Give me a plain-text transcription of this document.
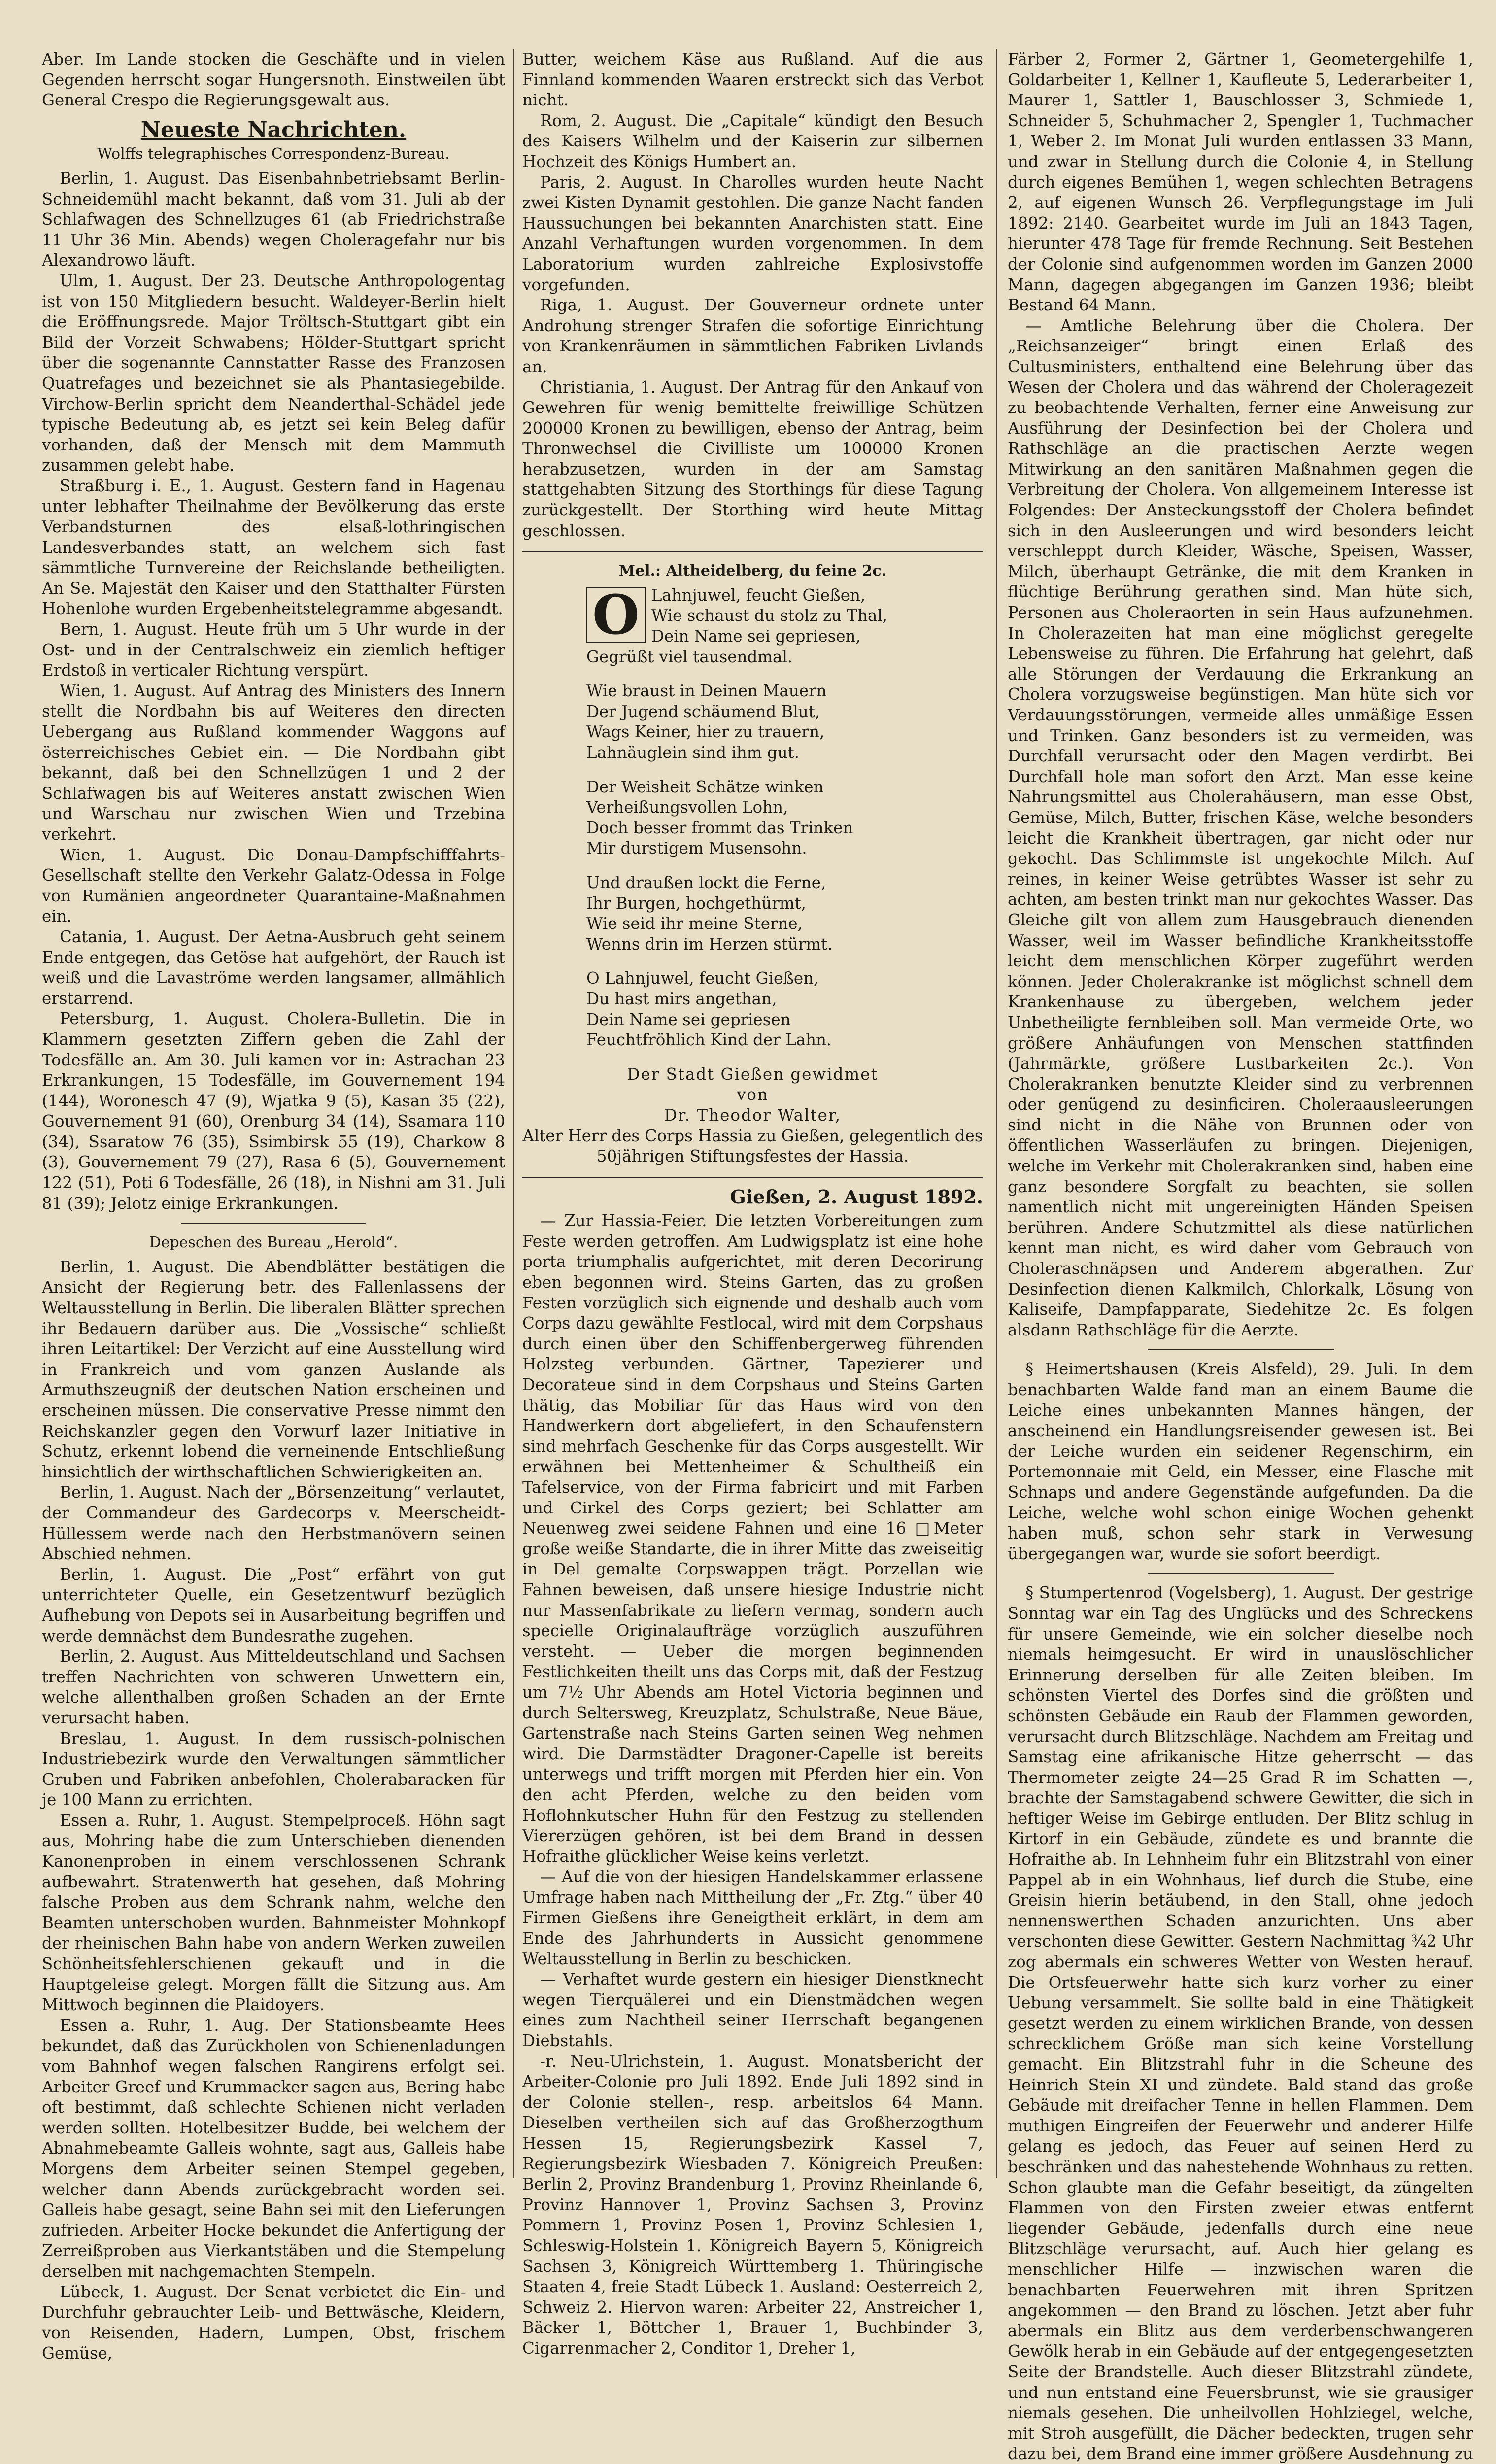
Aber. Im Lande stocken die Geschäfte und in vielen Gegenden herrscht sogar Hungersnoth. Einstweilen übt General Crespo die Regierungsgewalt aus.

Neueste Nachrichten.
Wolffs telegraphisches Correspondenz-Bureau.

Berlin, 1. August. Das Eisenbahnbetriebsamt Berlin-Schneidemühl macht bekannt, daß vom 31. Juli ab der Schlafwagen des Schnellzuges 61 (ab Friedrichstraße 11 Uhr 36 Min. Abends) wegen Choleragefahr nur bis Alexandrowo läuft.

Ulm, 1. August. Der 23. Deutsche Anthropologentag ist von 150 Mitgliedern besucht. Waldeyer-Berlin hielt die Eröffnungsrede. Major Tröltsch-Stuttgart gibt ein Bild der Vorzeit Schwabens; Hölder-Stuttgart spricht über die sogenannte Cannstatter Rasse des Franzosen Quatrefages und bezeichnet sie als Phantasiegebilde. Virchow-Berlin spricht dem Neanderthal-Schädel jede typische Bedeutung ab, es jetzt sei kein Beleg dafür vorhanden, daß der Mensch mit dem Mammuth zusammen gelebt habe.

Straßburg i. E., 1. August. Gestern fand in Hagenau unter lebhafter Theilnahme der Bevölkerung das erste Verbandsturnen des elsaß-lothringischen Landesverbandes statt, an welchem sich fast sämmtliche Turnvereine der Reichslande betheiligten. An Se. Majestät den Kaiser und den Statthalter Fürsten Hohenlohe wurden Ergebenheitstelegramme abgesandt.

Bern, 1. August. Heute früh um 5 Uhr wurde in der Ost- und in der Centralschweiz ein ziemlich heftiger Erdstoß in verticaler Richtung verspürt.

Wien, 1. August. Auf Antrag des Ministers des Innern stellt die Nordbahn bis auf Weiteres den directen Uebergang aus Rußland kommender Waggons auf österreichisches Gebiet ein. — Die Nordbahn gibt bekannt, daß bei den Schnellzügen 1 und 2 der Schlafwagen bis auf Weiteres anstatt zwischen Wien und Warschau nur zwischen Wien und Trzebina verkehrt.

Wien, 1. August. Die Donau-Dampfschifffahrts-Gesellschaft stellte den Verkehr Galatz-Odessa in Folge von Rumänien angeordneter Quarantaine-Maßnahmen ein.

Catania, 1. August. Der Aetna-Ausbruch geht seinem Ende entgegen, das Getöse hat aufgehört, der Rauch ist weiß und die Lavaströme werden langsamer, allmählich erstarrend.

Petersburg, 1. August. Cholera-Bulletin. Die in Klammern gesetzten Ziffern geben die Zahl der Todesfälle an. Am 30. Juli kamen vor in: Astrachan 23 Erkrankungen, 15 Todesfälle, im Gouvernement 194 (144), Woronesch 47 (9), Wjatka 9 (5), Kasan 35 (22), Gouvernement 91 (60), Orenburg 34 (14), Ssamara 110 (34), Ssaratow 76 (35), Ssimbirsk 55 (19), Charkow 8 (3), Gouvernement 79 (27), Rasa 6 (5), Gouvernement 122 (51), Poti 6 Todesfälle, 26 (18), in Nishni am 31. Juli 81 (39); Jelotz einige Erkrankungen.

Depeschen des Bureau „Herold“.

Berlin, 1. August. Die Abendblätter bestätigen die Ansicht der Regierung betr. des Fallenlassens der Weltausstellung in Berlin. Die liberalen Blätter sprechen ihr Bedauern darüber aus. Die „Vossische“ schließt ihren Leitartikel: Der Verzicht auf eine Ausstellung wird in Frankreich und vom ganzen Auslande als Armuthszeugniß der deutschen Nation erscheinen und erscheinen müssen. Die conservative Presse nimmt den Reichskanzler gegen den Vorwurf lazer Initiative in Schutz, erkennt lobend die verneinende Entschließung hinsichtlich der wirthschaftlichen Schwierigkeiten an.

Berlin, 1. August. Nach der „Börsenzeitung“ verlautet, der Commandeur des Gardecorps v. Meerscheidt-Hüllessem werde nach den Herbstmanövern seinen Abschied nehmen.

Berlin, 1. August. Die „Post“ erfährt von gut unterrichteter Quelle, ein Gesetzentwurf bezüglich Aufhebung von Depots sei in Ausarbeitung begriffen und werde demnächst dem Bundesrathe zugehen.

Berlin, 2. August. Aus Mitteldeutschland und Sachsen treffen Nachrichten von schweren Unwettern ein, welche allenthalben großen Schaden an der Ernte verursacht haben.

Breslau, 1. August. In dem russisch-polnischen Industriebezirk wurde den Verwaltungen sämmtlicher Gruben und Fabriken anbefohlen, Cholerabaracken für je 100 Mann zu errichten.

Essen a. Ruhr, 1. August. Stempelproceß. Höhn sagt aus, Mohring habe die zum Unterschieben dienenden Kanonenproben in einem verschlossenen Schrank aufbewahrt. Stratenwerth hat gesehen, daß Mohring falsche Proben aus dem Schrank nahm, welche den Beamten unterschoben wurden. Bahnmeister Mohnkopf der rheinischen Bahn habe von andern Werken zuweilen Schönheitsfehlerschienen gekauft und in die Hauptgeleise gelegt. Morgen fällt die Sitzung aus. Am Mittwoch beginnen die Plaidoyers.

Essen a. Ruhr, 1. Aug. Der Stationsbeamte Hees bekundet, daß das Zurückholen von Schienenladungen vom Bahnhof wegen falschen Rangirens erfolgt sei. Arbeiter Greef und Krummacker sagen aus, Bering habe oft bestimmt, daß schlechte Schienen nicht verladen werden sollten. Hotelbesitzer Budde, bei welchem der Abnahmebeamte Galleis wohnte, sagt aus, Galleis habe Morgens dem Arbeiter seinen Stempel gegeben, welcher dann Abends zurückgebracht worden sei. Galleis habe gesagt, seine Bahn sei mit den Lieferungen zufrieden. Arbeiter Hocke bekundet die Anfertigung der Zerreißproben aus Vierkantstäben und die Stempelung derselben mit nachgemachten Stempeln.

Lübeck, 1. August. Der Senat verbietet die Ein- und Durchfuhr gebrauchter Leib- und Bettwäsche, Kleidern, von Reisenden, Hadern, Lumpen, Obst, frischem Gemüse,

Butter, weichem Käse aus Rußland. Auf die aus Finnland kommenden Waaren erstreckt sich das Verbot nicht.

Rom, 2. August. Die „Capitale“ kündigt den Besuch des Kaisers Wilhelm und der Kaiserin zur silbernen Hochzeit des Königs Humbert an.

Paris, 2. August. In Charolles wurden heute Nacht zwei Kisten Dynamit gestohlen. Die ganze Nacht fanden Haussuchungen bei bekannten Anarchisten statt. Eine Anzahl Verhaftungen wurden vorgenommen. In dem Laboratorium wurden zahlreiche Explosivstoffe vorgefunden.

Riga, 1. August. Der Gouverneur ordnete unter Androhung strenger Strafen die sofortige Einrichtung von Krankenräumen in sämmtlichen Fabriken Livlands an.

Christiania, 1. August. Der Antrag für den Ankauf von Gewehren für wenig bemittelte freiwillige Schützen 200000 Kronen zu bewilligen, ebenso der Antrag, beim Thronwechsel die Civilliste um 100000 Kronen herabzusetzen, wurden in der am Samstag stattgehabten Sitzung des Storthings für diese Tagung zurückgestellt. Der Storthing wird heute Mittag geschlossen.

Mel.: Altheidelberg, du feine 2c.
O Lahnjuwel, feucht Gießen,

Wie schaust du stolz zu Thal,

Dein Name sei gepriesen,

Gegrüßt viel tausendmal.

Wie braust in Deinen Mauern

Der Jugend schäumend Blut,

Wags Keiner, hier zu trauern,

Lahnäuglein sind ihm gut.

Der Weisheit Schätze winken

Verheißungsvollen Lohn,

Doch besser frommt das Trinken

Mir durstigem Musensohn.

Und draußen lockt die Ferne,

Ihr Burgen, hochgethürmt,

Wie seid ihr meine Sterne,

Wenns drin im Herzen stürmt.

O Lahnjuwel, feucht Gießen,

Du hast mirs angethan,

Dein Name sei gepriesen

Feuchtfröhlich Kind der Lahn.

Der Stadt Gießen gewidmet

von

Dr. Theodor Walter,

Alter Herr des Corps Hassia zu Gießen, gelegentlich des 50jährigen Stiftungsfestes der Hassia.

Gießen, 2. August 1892.

— Zur Hassia-Feier. Die letzten Vorbereitungen zum Feste werden getroffen. Am Ludwigsplatz ist eine hohe porta triumphalis aufgerichtet, mit deren Decorirung eben begonnen wird. Steins Garten, das zu großen Festen vorzüglich sich eignende und deshalb auch vom Corps dazu gewählte Festlocal, wird mit dem Corpshaus durch einen über den Schiffenbergerweg führenden Holzsteg verbunden. Gärtner, Tapezierer und Decorateue sind in dem Corpshaus und Steins Garten thätig, das Mobiliar für das Haus wird von den Handwerkern dort abgeliefert, in den Schaufenstern sind mehrfach Geschenke für das Corps ausgestellt. Wir erwähnen bei Mettenheimer & Schultheiß ein Tafelservice, von der Firma fabricirt und mit Farben und Cirkel des Corps geziert; bei Schlatter am Neuenweg zwei seidene Fahnen und eine 16 □Meter große weiße Standarte, die in ihrer Mitte das zweiseitig in Del gemalte Corpswappen trägt. Porzellan wie Fahnen beweisen, daß unsere hiesige Industrie nicht nur Massenfabrikate zu liefern vermag, sondern auch specielle Originalaufträge vorzüglich auszuführen versteht. — Ueber die morgen beginnenden Festlichkeiten theilt uns das Corps mit, daß der Festzug um 7½ Uhr Abends am Hotel Victoria beginnen und durch Seltersweg, Kreuzplatz, Schulstraße, Neue Bäue, Gartenstraße nach Steins Garten seinen Weg nehmen wird. Die Darmstädter Dragoner-Capelle ist bereits unterwegs und trifft morgen mit Pferden hier ein. Von den acht Pferden, welche zu den beiden vom Hoflohnkutscher Huhn für den Festzug zu stellenden Viererzügen gehören, ist bei dem Brand in dessen Hofraithe glücklicher Weise keins verletzt.

— Auf die von der hiesigen Handelskammer erlassene Umfrage haben nach Mittheilung der „Fr. Ztg.“ über 40 Firmen Gießens ihre Geneigtheit erklärt, in dem am Ende des Jahrhunderts in Aussicht genommene Weltausstellung in Berlin zu beschicken.

— Verhaftet wurde gestern ein hiesiger Dienstknecht wegen Tierquälerei und ein Dienstmädchen wegen eines zum Nachtheil seiner Herrschaft begangenen Diebstahls.

-r. Neu-Ulrichstein, 1. August. Monatsbericht der Arbeiter-Colonie pro Juli 1892. Ende Juli 1892 sind in der Colonie stellen-, resp. arbeitslos 64 Mann. Dieselben vertheilen sich auf das Großherzogthum Hessen 15, Regierungsbezirk Kassel 7, Regierungsbezirk Wiesbaden 7. Königreich Preußen: Berlin 2, Provinz Brandenburg 1, Provinz Rheinlande 6, Provinz Hannover 1, Provinz Sachsen 3, Provinz Pommern 1, Provinz Posen 1, Provinz Schlesien 1, Schleswig-Holstein 1. Königreich Bayern 5, Königreich Sachsen 3, Königreich Württemberg 1. Thüringische Staaten 4, freie Stadt Lübeck 1. Ausland: Oesterreich 2, Schweiz 2. Hiervon waren: Arbeiter 22, Anstreicher 1, Bäcker 1, Böttcher 1, Brauer 1, Buchbinder 3, Cigarrenmacher 2, Conditor 1, Dreher 1,

Färber 2, Former 2, Gärtner 1, Geometergehilfe 1, Goldarbeiter 1, Kellner 1, Kaufleute 5, Lederarbeiter 1, Maurer 1, Sattler 1, Bauschlosser 3, Schmiede 1, Schneider 5, Schuhmacher 2, Spengler 1, Tuchmacher 1, Weber 2. Im Monat Juli wurden entlassen 33 Mann, und zwar in Stellung durch die Colonie 4, in Stellung durch eigenes Bemühen 1, wegen schlechten Betragens 2, auf eigenen Wunsch 26. Verpflegungstage im Juli 1892: 2140. Gearbeitet wurde im Juli an 1843 Tagen, hierunter 478 Tage für fremde Rechnung. Seit Bestehen der Colonie sind aufgenommen worden im Ganzen 2000 Mann, dagegen abgegangen im Ganzen 1936; bleibt Bestand 64 Mann.

— Amtliche Belehrung über die Cholera. Der „Reichsanzeiger“ bringt einen Erlaß des Cultusministers, enthaltend eine Belehrung über das Wesen der Cholera und das während der Choleragezeit zu beobachtende Verhalten, ferner eine Anweisung zur Ausführung der Desinfection bei der Cholera und Rathschläge an die practischen Aerzte wegen Mitwirkung an den sanitären Maßnahmen gegen die Verbreitung der Cholera. Von allgemeinem Interesse ist Folgendes: Der Ansteckungsstoff der Cholera befindet sich in den Ausleerungen und wird besonders leicht verschleppt durch Kleider, Wäsche, Speisen, Wasser, Milch, überhaupt Getränke, die mit dem Kranken in flüchtige Berührung gerathen sind. Man hüte sich, Personen aus Choleraorten in sein Haus aufzunehmen. In Cholerazeiten hat man eine möglichst geregelte Lebensweise zu führen. Die Erfahrung hat gelehrt, daß alle Störungen der Verdauung die Erkrankung an Cholera vorzugsweise begünstigen. Man hüte sich vor Verdauungsstörungen, vermeide alles unmäßige Essen und Trinken. Ganz besonders ist zu vermeiden, was Durchfall verursacht oder den Magen verdirbt. Bei Durchfall hole man sofort den Arzt. Man esse keine Nahrungsmittel aus Cholerahäusern, man esse Obst, Gemüse, Milch, Butter, frischen Käse, welche besonders leicht die Krankheit übertragen, gar nicht oder nur gekocht. Das Schlimmste ist ungekochte Milch. Auf reines, in keiner Weise getrübtes Wasser ist sehr zu achten, am besten trinkt man nur gekochtes Wasser. Das Gleiche gilt von allem zum Hausgebrauch dienenden Wasser, weil im Wasser befindliche Krankheitsstoffe leicht dem menschlichen Körper zugeführt werden können. Jeder Cholerakranke ist möglichst schnell dem Krankenhause zu übergeben, welchem jeder Unbetheiligte fernbleiben soll. Man vermeide Orte, wo größere Anhäufungen von Menschen stattfinden (Jahrmärkte, größere Lustbarkeiten 2c.). Von Cholerakranken benutzte Kleider sind zu verbrennen oder genügend zu desinficiren. Choleraausleerungen sind nicht in die Nähe von Brunnen oder von öffentlichen Wasserläufen zu bringen. Diejenigen, welche im Verkehr mit Cholerakranken sind, haben eine ganz besondere Sorgfalt zu beachten, sie sollen namentlich nicht mit ungereinigten Händen Speisen berühren. Andere Schutzmittel als diese natürlichen kennt man nicht, es wird daher vom Gebrauch von Choleraschnäpsen und Anderem abgerathen. Zur Desinfection dienen Kalkmilch, Chlorkalk, Lösung von Kaliseife, Dampfapparate, Siedehitze 2c. Es folgen alsdann Rathschläge für die Aerzte.

§ Heimertshausen (Kreis Alsfeld), 29. Juli. In dem benachbarten Walde fand man an einem Baume die Leiche eines unbekannten Mannes hängen, der anscheinend ein Handlungsreisender gewesen ist. Bei der Leiche wurden ein seidener Regenschirm, ein Portemonnaie mit Geld, ein Messer, eine Flasche mit Schnaps und andere Gegenstände aufgefunden. Da die Leiche, welche wohl schon einige Wochen gehenkt haben muß, schon sehr stark in Verwesung übergegangen war, wurde sie sofort beerdigt.

§ Stumpertenrod (Vogelsberg), 1. August. Der gestrige Sonntag war ein Tag des Unglücks und des Schreckens für unsere Gemeinde, wie ein solcher dieselbe noch niemals heimgesucht. Er wird in unauslöschlicher Erinnerung derselben für alle Zeiten bleiben. Im schönsten Viertel des Dorfes sind die größten und schönsten Gebäude ein Raub der Flammen geworden, verursacht durch Blitzschläge. Nachdem am Freitag und Samstag eine afrikanische Hitze geherrscht — das Thermometer zeigte 24—25 Grad R im Schatten —, brachte der Samstagabend schwere Gewitter, die sich in heftiger Weise im Gebirge entluden. Der Blitz schlug in Kirtorf in ein Gebäude, zündete es und brannte die Hofraithe ab. In Lehnheim fuhr ein Blitzstrahl von einer Pappel ab in ein Wohnhaus, lief durch die Stube, eine Greisin hierin betäubend, in den Stall, ohne jedoch nennenswerthen Schaden anzurichten. Uns aber verschonten diese Gewitter. Gestern Nachmittag ¾2 Uhr zog abermals ein schweres Wetter von Westen herauf. Die Ortsfeuerwehr hatte sich kurz vorher zu einer Uebung versammelt. Sie sollte bald in eine Thätigkeit gesetzt werden zu einem wirklichen Brande, von dessen schrecklichem Größe man sich keine Vorstellung gemacht. Ein Blitzstrahl fuhr in die Scheune des Heinrich Stein XI und zündete. Bald stand das große Gebäude mit dreifacher Tenne in hellen Flammen. Dem muthigen Eingreifen der Feuerwehr und anderer Hilfe gelang es jedoch, das Feuer auf seinen Herd zu beschränken und das nahestehende Wohnhaus zu retten. Schon glaubte man die Gefahr beseitigt, da züngelten Flammen von den Firsten zweier etwas entfernt liegender Gebäude, jedenfalls durch eine neue Blitzschläge verursacht, auf. Auch hier gelang es menschlicher Hilfe — inzwischen waren die benachbarten Feuerwehren mit ihren Spritzen angekommen — den Brand zu löschen. Jetzt aber fuhr abermals ein Blitz aus dem verderbenschwangeren Gewölk herab in ein Gebäude auf der entgegengesetzten Seite der Brandstelle. Auch dieser Blitzstrahl zündete, und nun entstand eine Feuersbrunst, wie sie grausiger niemals gesehen. Die unheilvollen Hohlziegel, welche, mit Stroh ausgefüllt, die Dächer bedeckten, trugen sehr dazu bei, dem Brand eine immer größere Ausdehnung zu
